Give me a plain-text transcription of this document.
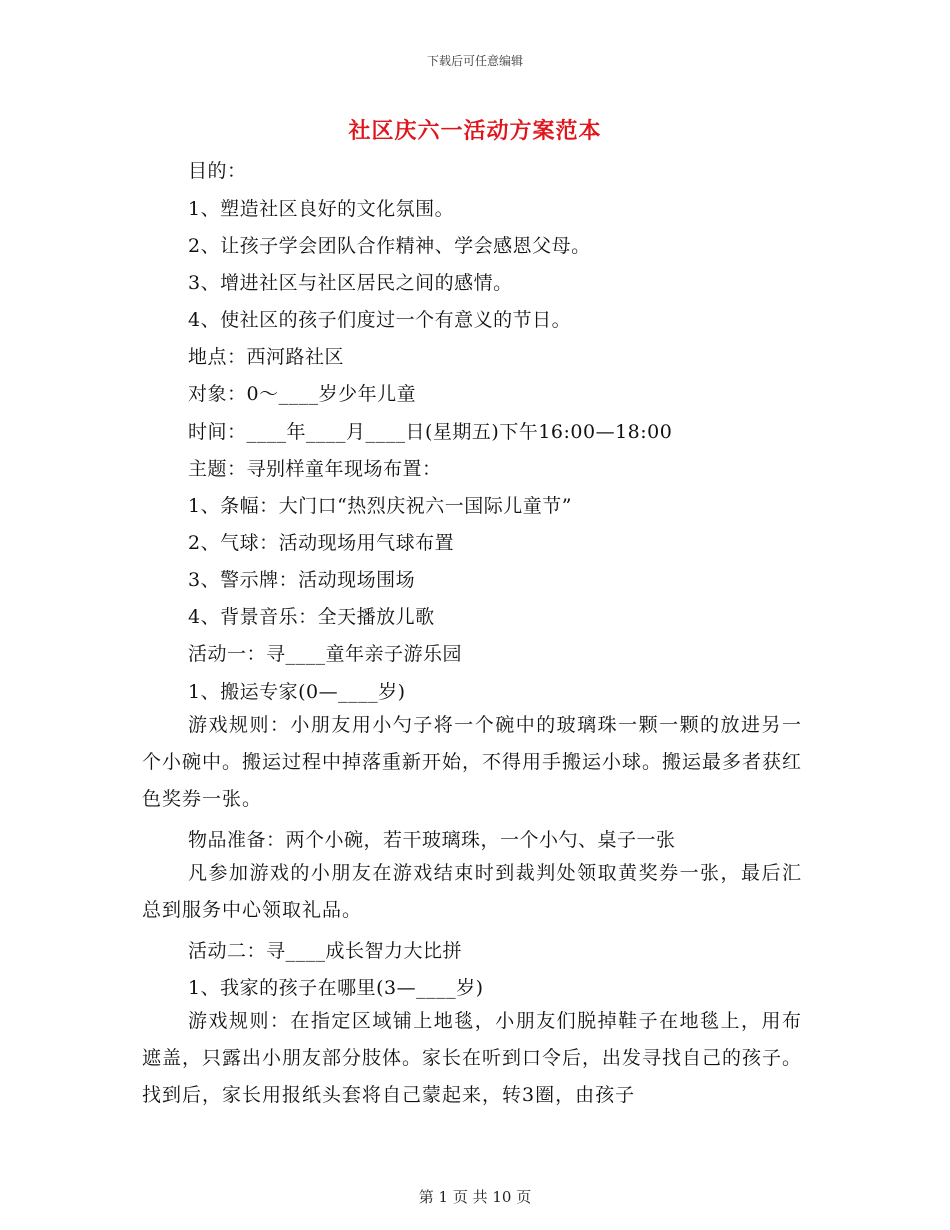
下载后可任意编辑
社区庆六一活动方案范本
目的：
1、塑造社区良好的文化氛围。
2、让孩子学会团队合作精神、学会感恩父母。
3、增进社区与社区居民之间的感情。
4、使社区的孩子们度过一个有意义的节日。
地点：西河路社区
对象：0～____岁少年儿童
时间：____年____月____日(星期五)下午16:00—18:00
主题：寻别样童年现场布置：
1、条幅：大门口“热烈庆祝六一国际儿童节”
2、气球：活动现场用气球布置
3、警示牌：活动现场围场
4、背景音乐：全天播放儿歌
活动一：寻____童年亲子游乐园
1、搬运专家(0—____岁)
游戏规则：小朋友用小勺子将一个碗中的玻璃珠一颗一颗的放进另一个小碗中。搬运过程中掉落重新开始，不得用手搬运小球。搬运最多者获红色奖券一张。
物品准备：两个小碗，若干玻璃珠，一个小勺、桌子一张
凡参加游戏的小朋友在游戏结束时到裁判处领取黄奖券一张，最后汇总到服务中心领取礼品。
活动二：寻____成长智力大比拼
1、我家的孩子在哪里(3—____岁)
游戏规则：在指定区域铺上地毯，小朋友们脱掉鞋子在地毯上，用布遮盖，只露出小朋友部分肢体。家长在听到口令后，出发寻找自己的孩子。找到后，家长用报纸头套将自己蒙起来，转3圈，由孩子
第 1 页 共 10 页
